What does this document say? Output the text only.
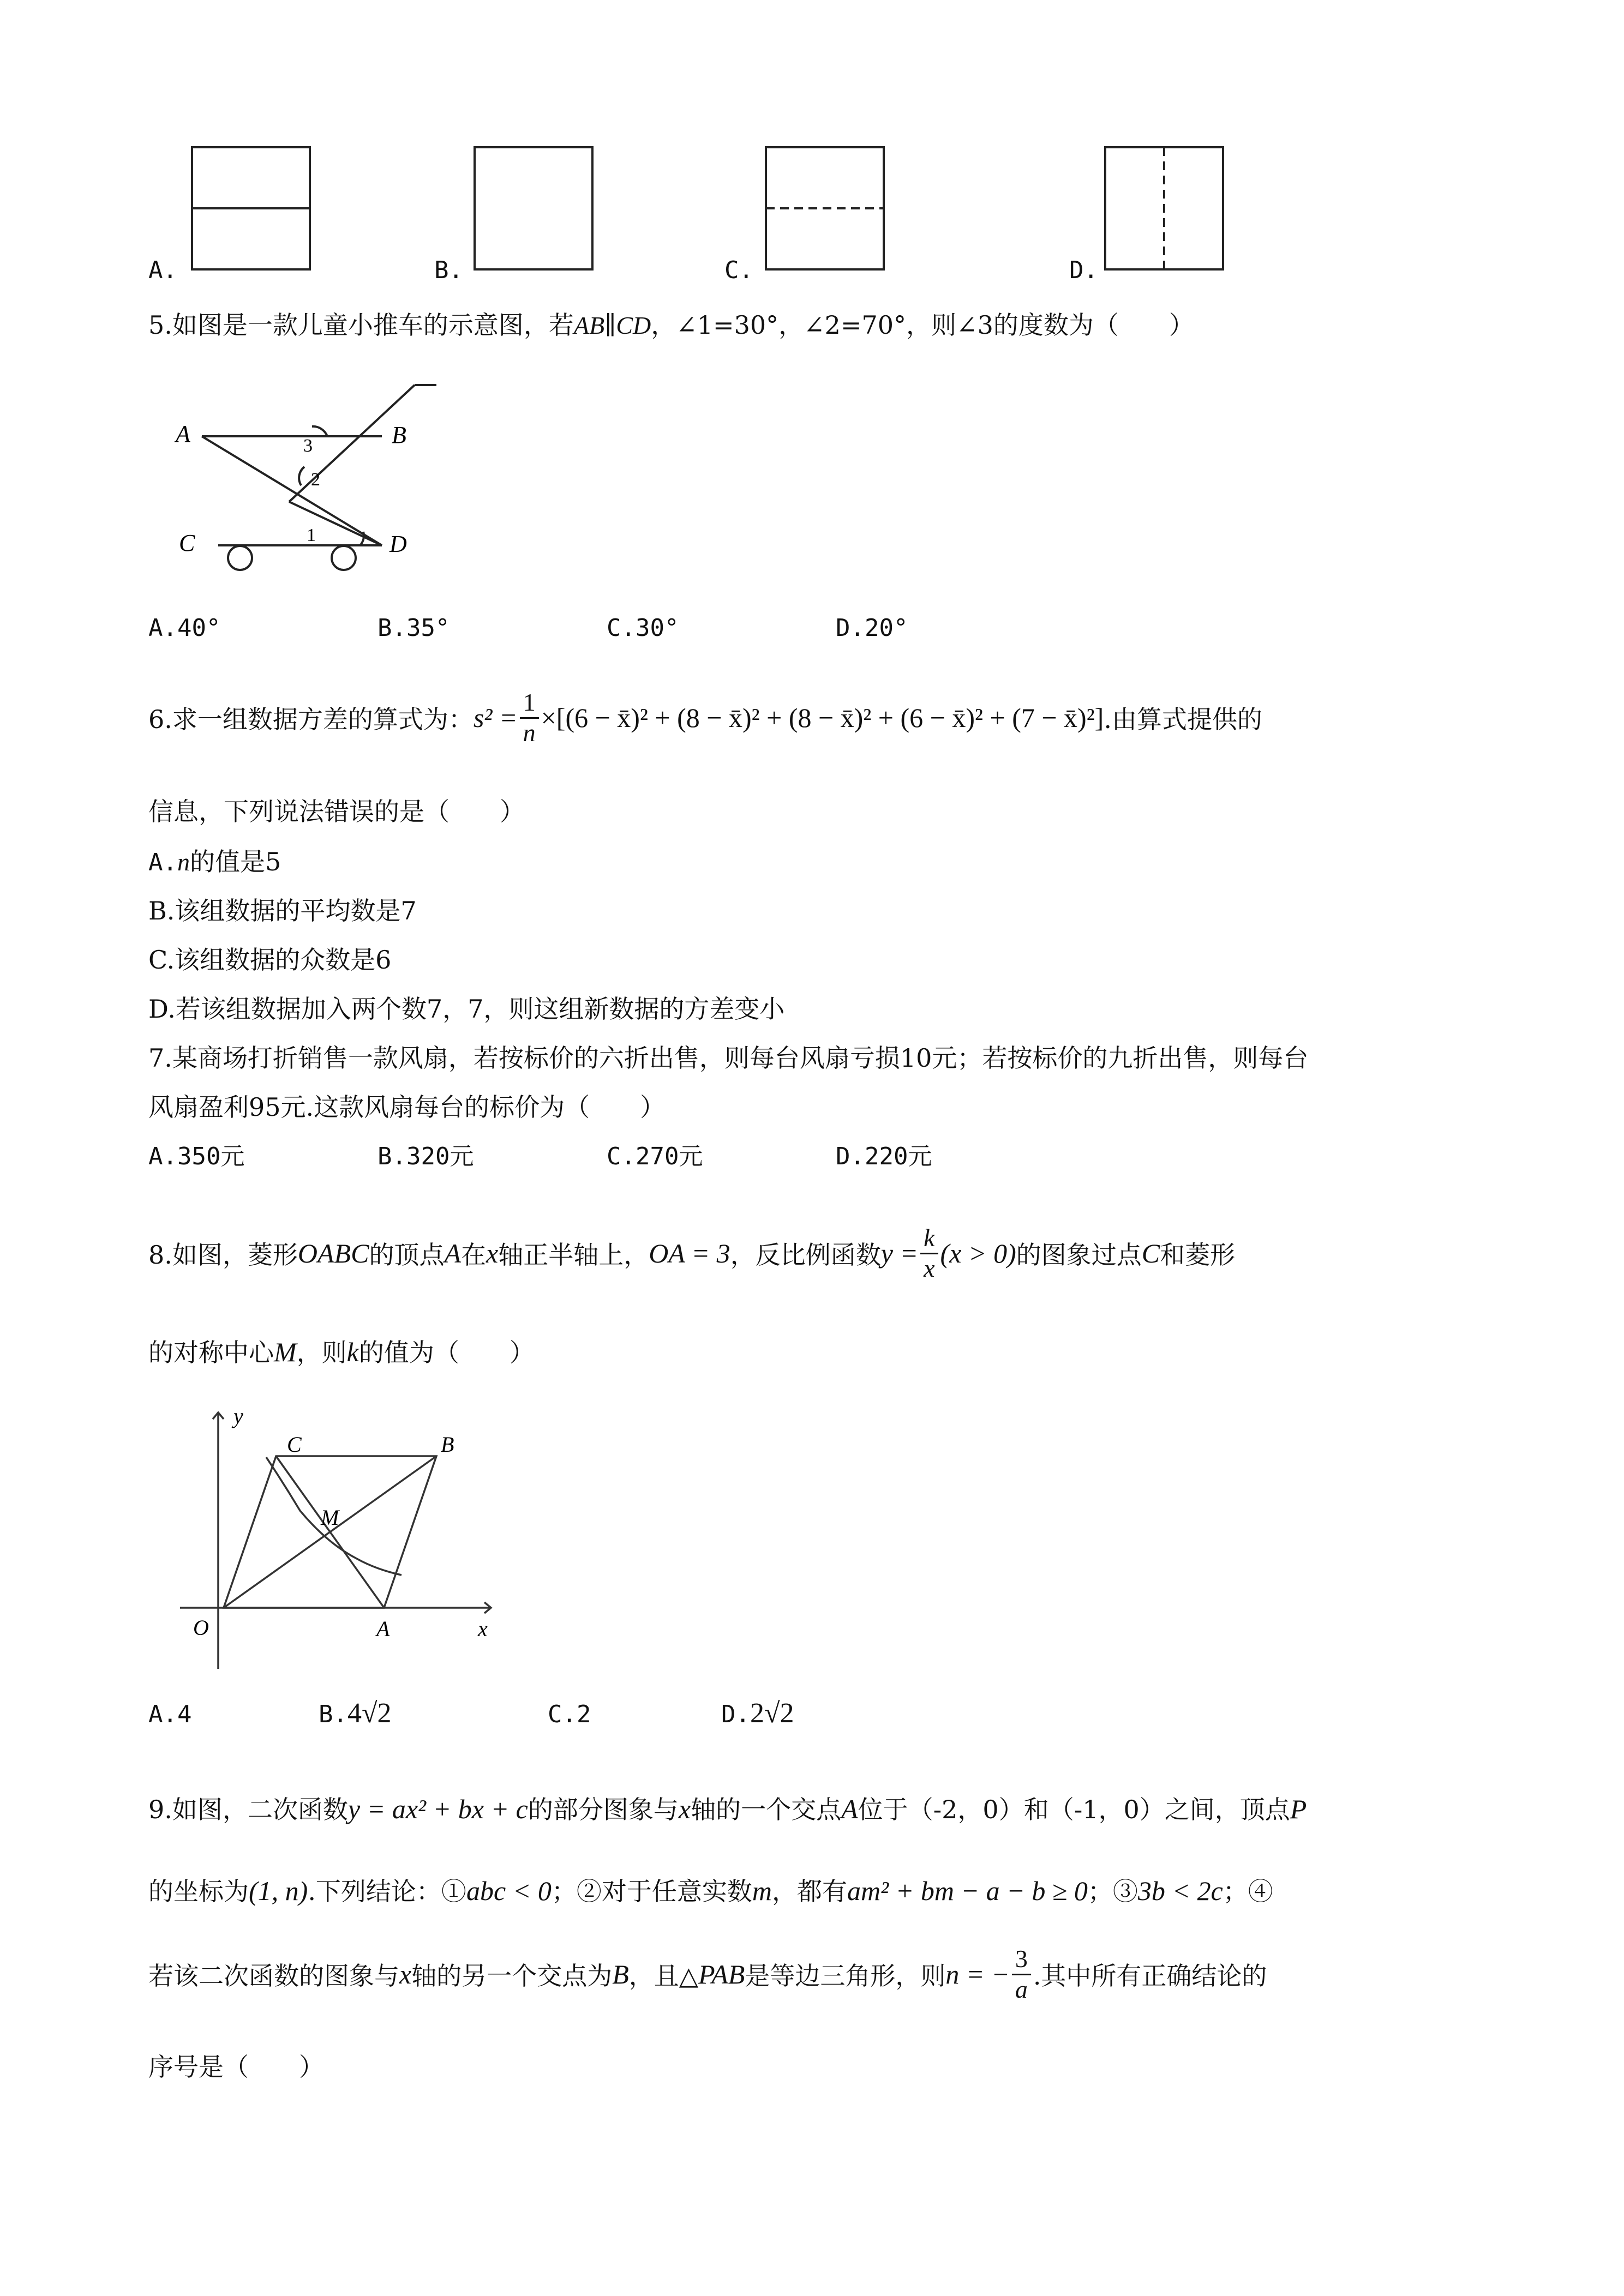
A.	B.	C.	D.
5.如图是一款儿童小推车的示意图，若AB∥CD，∠1=30°，∠2=70°，则∠3的度数为（　　）
A	B
C	D
1
2
3
A.40°	B.35°	C.30°	D.20°
6.求一组数据方差的算式为： $s^2 = \frac{1}{n} \times[(6$ − x̄)² + (8 − x̄)² + (8 − x̄)² + (6 − x̄)² + (7 − x̄)²] .由算式提供的
信息，下列说法错误的是（　　）
A.n的值是5
B.该组数据的平均数是7
C.该组数据的众数是6
D.若该组数据加入两个数7，7，则这组新数据的方差变小
7.某商场打折销售一款风扇，若按标价的六折出售，则每台风扇亏损10元；若按标价的九折出售，则每台
风扇盈利95元.这款风扇每台的标价为（　　）
A.350元	B.320元	C.270元	D.220元
8.如图，菱形 OABC 的顶点 A 在 x 轴正半轴上， OA = 3 ，反比例函数 $y = \frac{k}{x} (x > 0)$ 的图象过点 C 和菱形
的对称中心M，则k的值为（　　）
y
x
O	A
B
C
M
A.4	B.4√2	C.2	D.2√2
9.如图，二次函数y = ax² + bx + c的部分图象与x轴的一个交点A位于（-2，0）和（-1，0）之间，顶点P
的坐标为(1, n).下列结论：①abc < 0；②对于任意实数m，都有am² + bm − a − b ≥ 0；③3b < 2c；④
若该二次函数的图象与 x 轴的另一个交点为 B ，且△ PAB 是等边三角形，则 n = − $\frac{3}{a}$ .其中所有正确结论的
序号是（　　）
